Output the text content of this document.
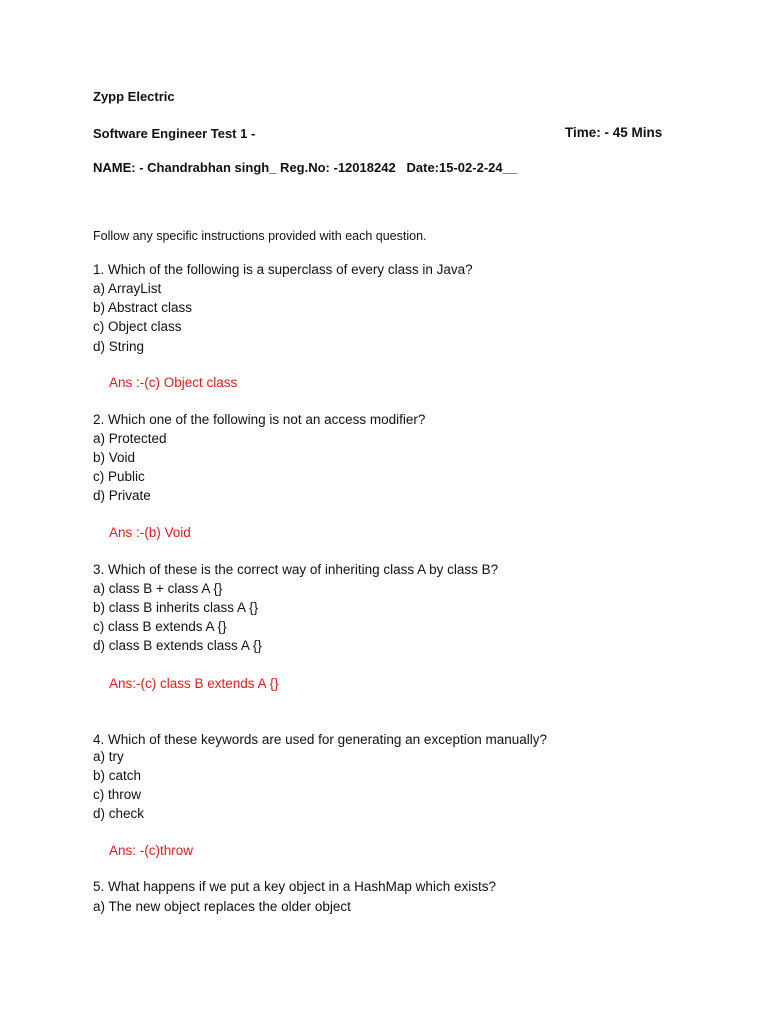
Zypp Electric
Software Engineer Test 1 -	Time: - 45 Mins
NAME: - Chandrabhan singh_ Reg.No: -12018242   Date:15-02-2-24__
Follow any specific instructions provided with each question.
1. Which of the following is a superclass of every class in Java?
a) ArrayList
b) Abstract class
c) Object class
d) String
Ans :-(c) Object class
2. Which one of the following is not an access modifier?
a) Protected
b) Void
c) Public
d) Private
Ans :-(b) Void
3. Which of these is the correct way of inheriting class A by class B?
a) class B + class A {}
b) class B inherits class A {}
c) class B extends A {}
d) class B extends class A {}
Ans:-(c) class B extends A {}
4. Which of these keywords are used for generating an exception manually?
a) try
b) catch
c) throw
d) check
Ans: -(c)throw
5. What happens if we put a key object in a HashMap which exists?
a) The new object replaces the older object
